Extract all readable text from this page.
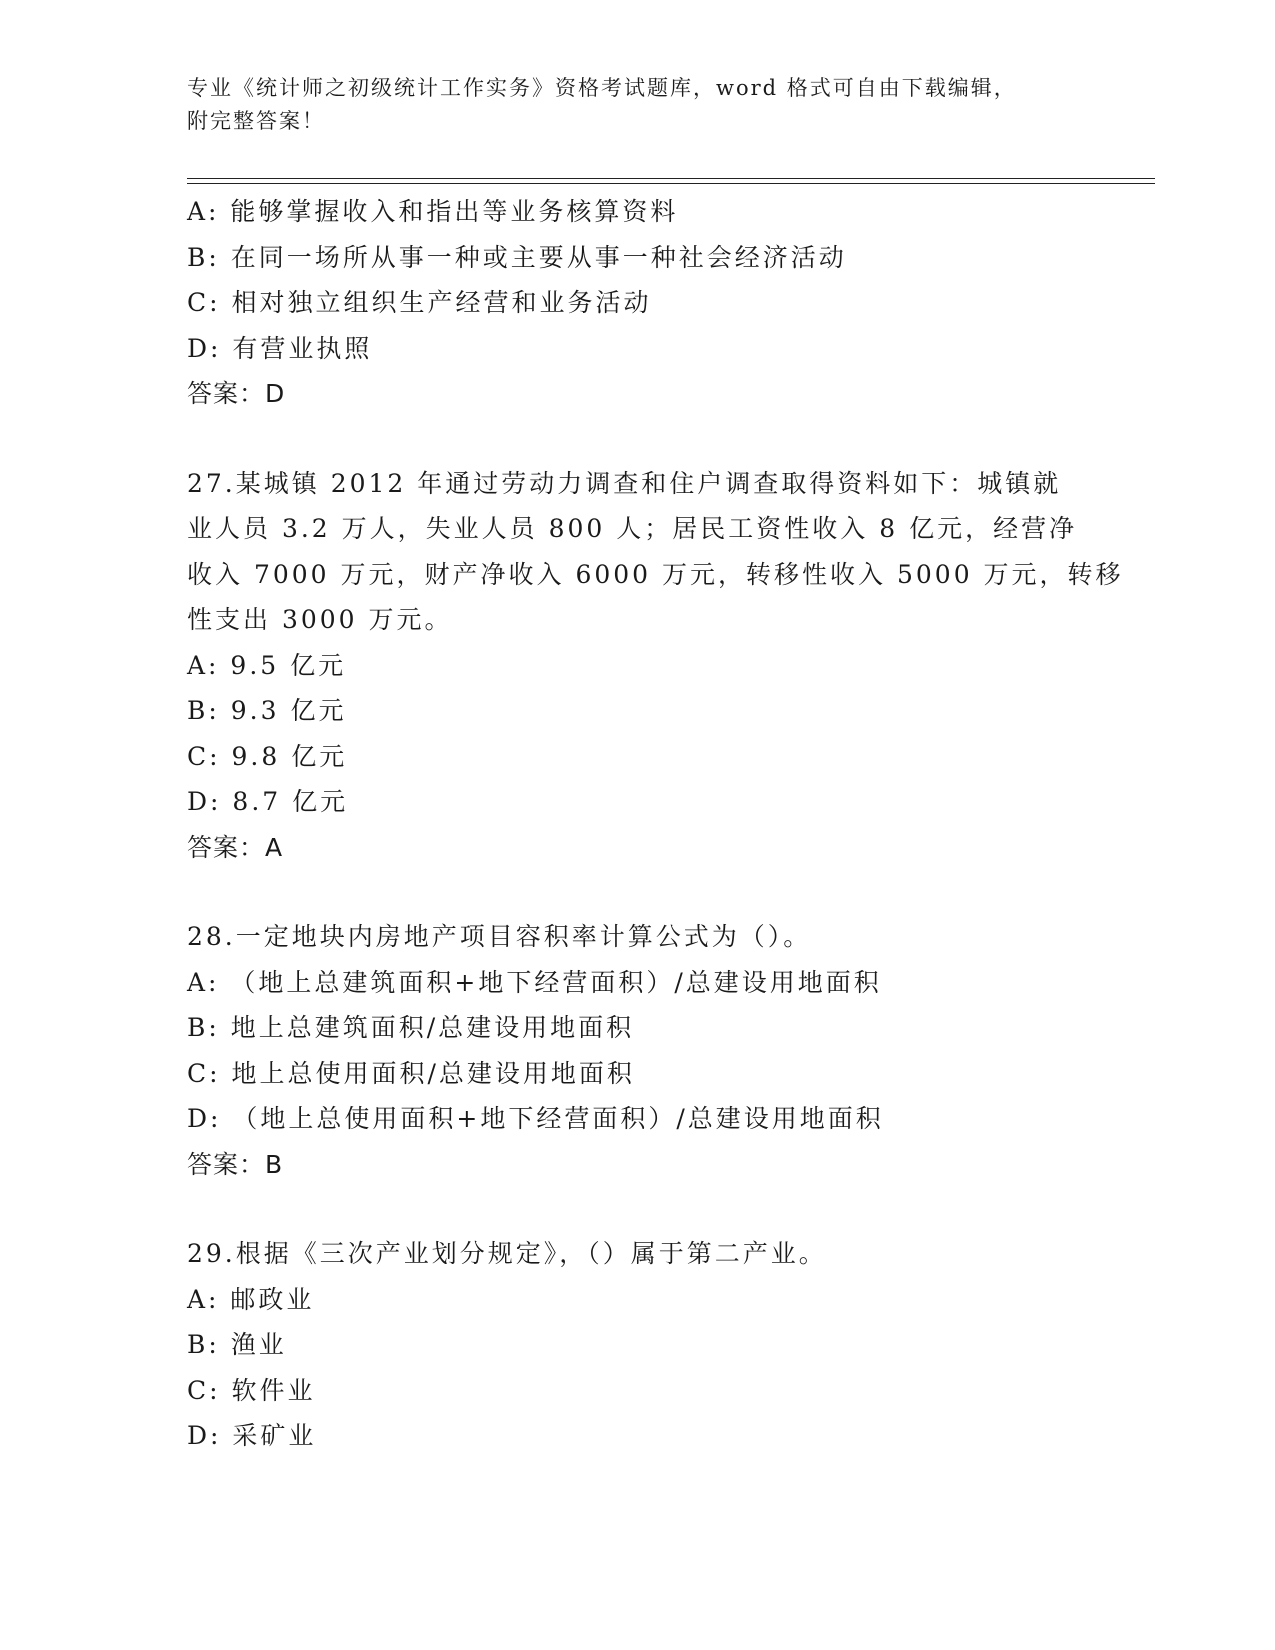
专业《统计师之初级统计工作实务》资格考试题库，word 格式可自由下载编辑，
附完整答案！

A: 能够掌握收入和指出等业务核算资料

B: 在同一场所从事一种或主要从事一种社会经济活动

C: 相对独立组织生产经营和业务活动

D: 有营业执照

答案：D

27.某城镇 2012 年通过劳动力调查和住户调查取得资料如下：城镇就

业人员 3.2 万人，失业人员 800 人；居民工资性收入 8 亿元，经营净

收入 7000 万元，财产净收入 6000 万元，转移性收入 5000 万元，转移

性支出 3000 万元。

A: 9.5 亿元

B: 9.3 亿元

C: 9.8 亿元

D: 8.7 亿元

答案：A

28.一定地块内房地产项目容积率计算公式为（）。

A: （地上总建筑面积+地下经营面积）/总建设用地面积

B: 地上总建筑面积/总建设用地面积

C: 地上总使用面积/总建设用地面积

D: （地上总使用面积+地下经营面积）/总建设用地面积

答案：B

29.根据《三次产业划分规定》，（）属于第二产业。

A: 邮政业

B: 渔业

C: 软件业

D: 采矿业
